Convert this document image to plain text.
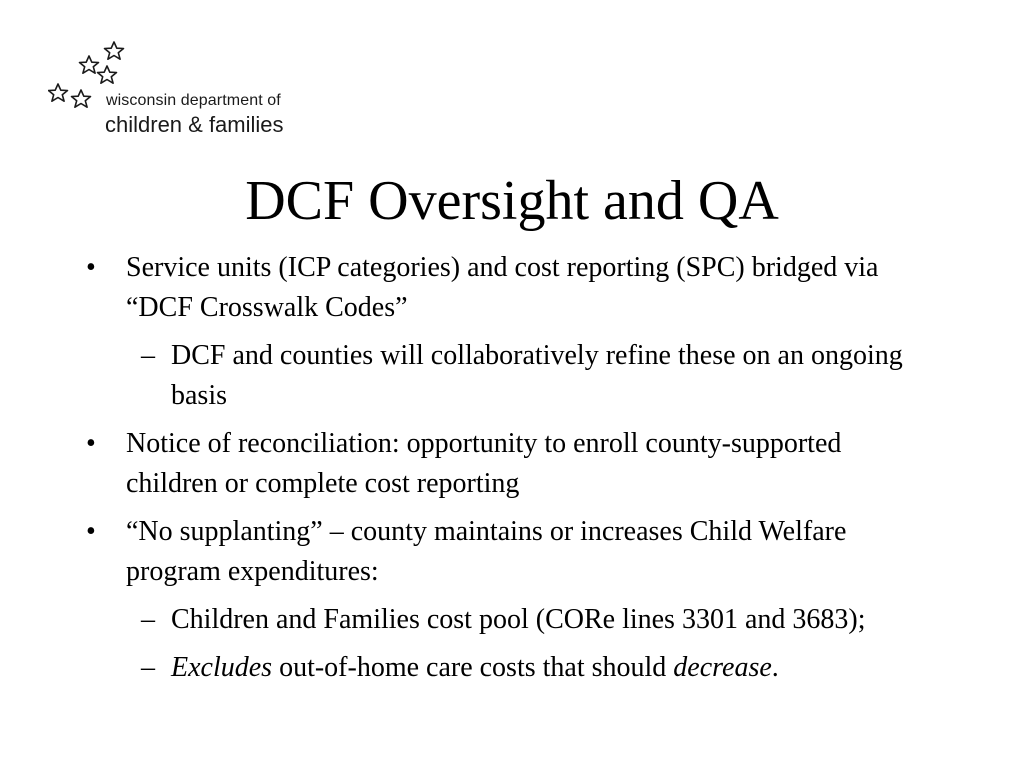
wisconsin department of
children & families
DCF Oversight and QA
• Service units (ICP categories) and cost reporting (SPC) bridged via “DCF Crosswalk Codes”
– DCF and counties will collaboratively refine these on an ongoing basis
• Notice of reconciliation: opportunity to enroll county-supported children or complete cost reporting
• “No supplanting” – county maintains or increases Child Welfare program expenditures:
– Children and Families cost pool (CORe lines 3301 and 3683);
– Excludes out-of-home care costs that should decrease.
